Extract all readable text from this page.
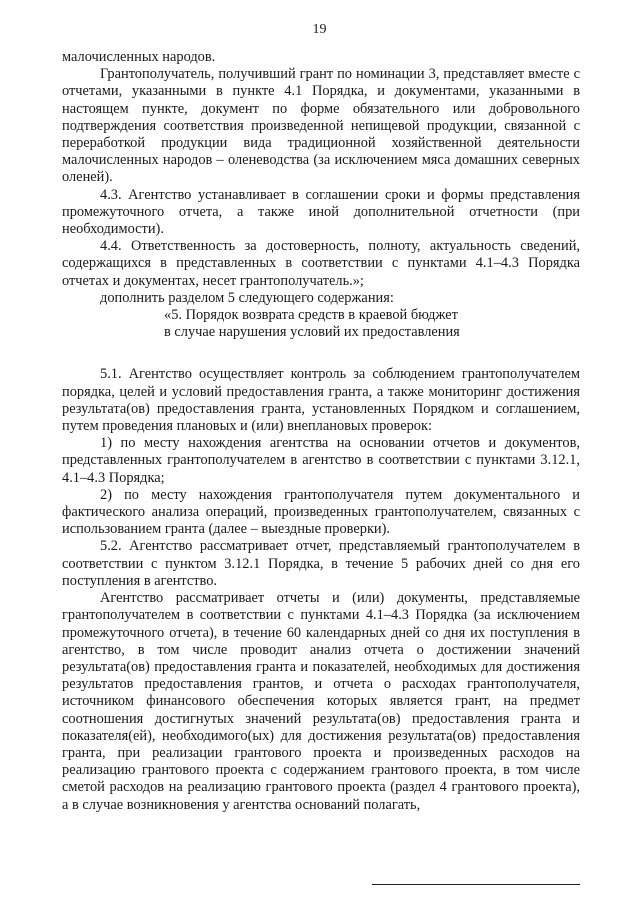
19

малочисленных народов.

Грантополучатель, получивший грант по номинации 3, представляет вместе с отчетами, указанными в пункте 4.1 Порядка, и документами, указанными в настоящем пункте, документ по форме обязательного или добровольного подтверждения соответствия произведенной непищевой продукции, связанной с переработкой продукции вида традиционной хозяйственной деятельности малочисленных народов – оленеводства (за исключением мяса домашних северных оленей).

4.3. Агентство устанавливает в соглашении сроки и формы представления промежуточного отчета, а также иной дополнительной отчетности (при необходимости).

4.4. Ответственность за достоверность, полноту, актуальность сведений, содержащихся в представленных в соответствии с пунктами 4.1–4.3 Порядка отчетах и документах, несет грантополучатель.»;

дополнить разделом 5 следующего содержания:

«5. Порядок возврата средств в краевой бюджет

в случае нарушения условий их предоставления

5.1. Агентство осуществляет контроль за соблюдением грантополучателем порядка, целей и условий предоставления гранта, а также мониторинг достижения результата(ов) предоставления гранта, установленных Порядком и соглашением, путем проведения плановых и (или) внеплановых проверок:

1) по месту нахождения агентства на основании отчетов и документов, представленных грантополучателем в агентство в соответствии с пунктами 3.12.1, 4.1–4.3 Порядка;

2) по месту нахождения грантополучателя путем документального и фактического анализа операций, произведенных грантополучателем, связанных с использованием гранта (далее – выездные проверки).

5.2. Агентство рассматривает отчет, представляемый грантополучателем в соответствии с пунктом 3.12.1 Порядка, в течение 5 рабочих дней со дня его поступления в агентство.

Агентство рассматривает отчеты и (или) документы, представляемые грантополучателем в соответствии с пунктами 4.1–4.3 Порядка (за исключением промежуточного отчета), в течение 60 календарных дней со дня их поступления в агентство, в том числе проводит анализ отчета о достижении значений результата(ов) предоставления гранта и показателей, необходимых для достижения результатов предоставления грантов, и отчета о расходах грантополучателя, источником финансового обеспечения которых является грант, на предмет соотношения достигнутых значений результата(ов) предоставления гранта и показателя(ей), необходимого(ых) для достижения результата(ов) предоставления гранта, при реализации грантового проекта и произведенных расходов на реализацию грантового проекта с содержанием грантового проекта, в том числе сметой расходов на реализацию грантового проекта (раздел 4 грантового проекта), а в случае возникновения у агентства оснований полагать,
